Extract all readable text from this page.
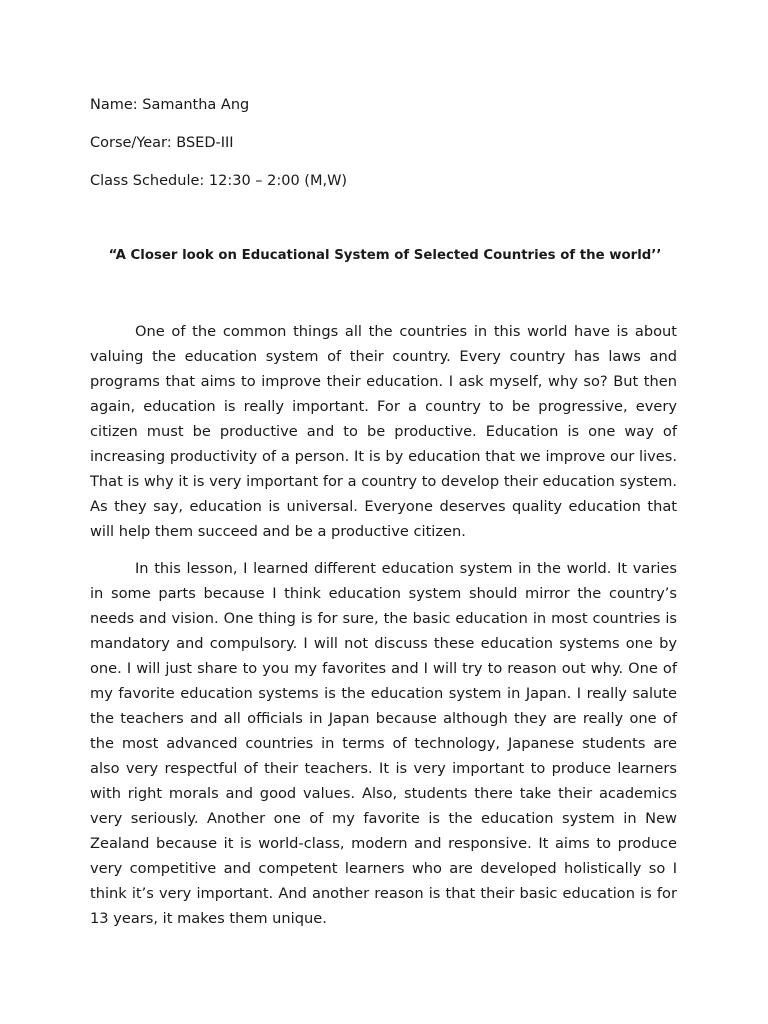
Name: Samantha Ang
Corse/Year: BSED-III
Class Schedule: 12:30 – 2:00 (M,W)
“A Closer look on Educational System of Selected Countries of the world’’

One of the common things all the countries in this world have is about valuing the education system of their country. Every country has laws and programs that aims to improve their education. I ask myself, why so? But then again, education is really important. For a country to be progressive, every citizen must be productive and to be productive. Education is one way of increasing productivity of a person. It is by education that we improve our lives. That is why it is very important for a country to develop their education system. As they say, education is universal. Everyone deserves quality education that will help them succeed and be a productive citizen.

In this lesson, I learned different education system in the world. It varies in some parts because I think education system should mirror the country’s needs and vision. One thing is for sure, the basic education in most countries is mandatory and compulsory. I will not discuss these education systems one by one. I will just share to you my favorites and I will try to reason out why. One of my favorite education systems is the education system in Japan. I really salute the teachers and all officials in Japan because although they are really one of the most advanced countries in terms of technology, Japanese students are also very respectful of their teachers. It is very important to produce learners with right morals and good values. Also, students there take their academics very seriously. Another one of my favorite is the education system in New Zealand because it is world-class, modern and responsive. It aims to produce very competitive and competent learners who are developed holistically so I think it’s very important. And another reason is that their basic education is for 13 years, it makes them unique.
